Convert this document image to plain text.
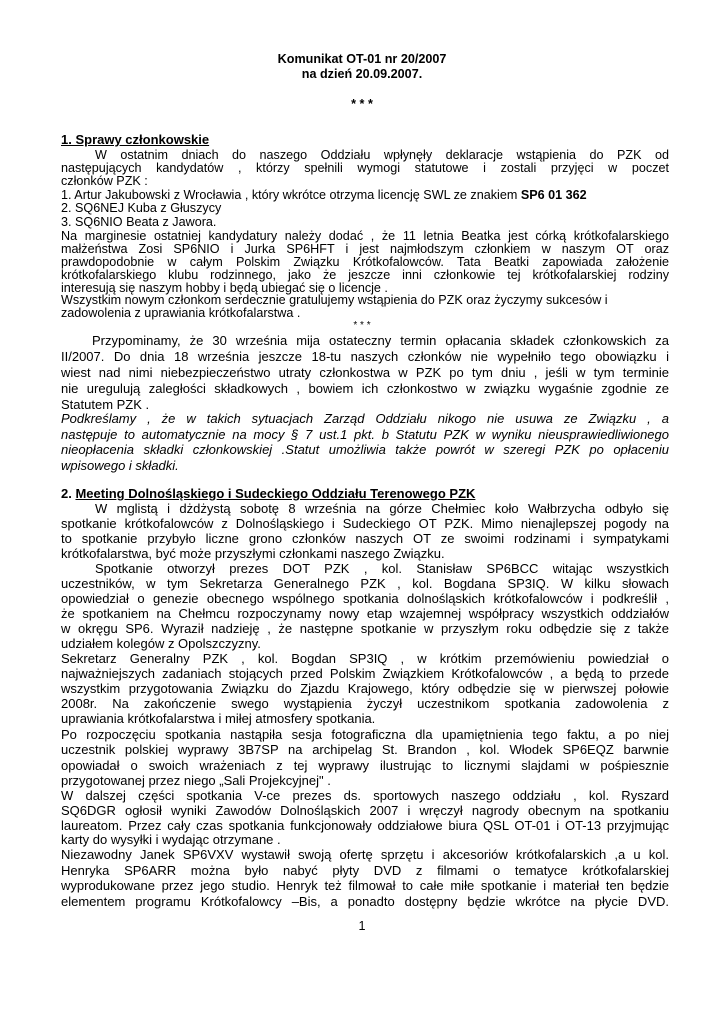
Komunikat OT-01 nr 20/2007

na dzień 20.09.2007.

* * *

1. Sprawy członkowskie

W ostatnim dniach do naszego Oddziału wpłynęły deklaracje wstąpienia do PZK od

następujących kandydatów , którzy spełnili wymogi statutowe i zostali przyjęci w poczet

członków PZK :

1. Artur Jakubowski z Wrocławia , który wkrótce otrzyma licencję SWL ze znakiem SP6 01 362

2. SQ6NEJ Kuba z Głuszycy

3. SQ6NIO Beata z Jawora.

Na marginesie ostatniej kandydatury należy dodać , że 11 letnia Beatka jest córką krótkofalarskiego

małżeństwa Zosi SP6NIO i Jurka SP6HFT i jest najmłodszym członkiem w naszym OT oraz

prawdopodobnie w całym Polskim Związku Krótkofalowców. Tata Beatki zapowiada założenie

krótkofalarskiego klubu rodzinnego, jako że jeszcze inni członkowie tej krótkofalarskiej rodziny

interesują się naszym hobby i będą ubiegać się o licencje .

Wszystkim nowym członkom serdecznie gratulujemy wstąpienia do PZK oraz życzymy sukcesów i

zadowolenia z uprawiania krótkofalarstwa .

* * *

Przypominamy, że 30 września mija ostateczny termin opłacania składek członkowskich za

II/2007. Do dnia 18 września jeszcze 18-tu naszych członków nie wypełniło tego obowiązku i

wiest nad nimi niebezpieczeństwo utraty członkostwa w PZK po tym dniu , jeśli w tym terminie

nie uregulują zaległości składkowych , bowiem ich członkostwo w związku wygaśnie zgodnie ze

Statutem PZK .

Podkreślamy , że w takich sytuacjach Zarząd Oddziału nikogo nie usuwa ze Związku , a

następuje to automatycznie na mocy § 7 ust.1 pkt. b Statutu PZK w wyniku nieusprawiedliwionego

nieopłacenia składki członkowskiej .Statut umożliwia także powrót w szeregi PZK po opłaceniu

wpisowego i składki.

2. Meeting Dolnośląskiego i Sudeckiego Oddziału Terenowego PZK

W mglistą i dżdżystą sobotę 8 września na górze Chełmiec koło Wałbrzycha odbyło się

spotkanie krótkofalowców z Dolnośląskiego i Sudeckiego OT PZK. Mimo nienajlepszej pogody na

to spotkanie przybyło liczne grono członków naszych OT ze swoimi rodzinami i sympatykami

krótkofalarstwa, być może przyszłymi członkami naszego Związku.

Spotkanie otworzył prezes DOT PZK , kol. Stanisław SP6BCC witając wszystkich

uczestników, w tym Sekretarza Generalnego PZK , kol. Bogdana SP3IQ. W kilku słowach

opowiedział o genezie obecnego wspólnego spotkania dolnośląskich krótkofalowców i podkreślił ,

że spotkaniem na Chełmcu rozpoczynamy nowy etap wzajemnej współpracy wszystkich oddziałów

w okręgu SP6. Wyraził nadzieję , że następne spotkanie w przyszłym roku odbędzie się z także

udziałem kolegów z Opolszczyzny.

Sekretarz Generalny PZK , kol. Bogdan SP3IQ , w krótkim przemówieniu powiedział o

najważniejszych zadaniach stojących przed Polskim Związkiem Krótkofalowców , a będą to przede

wszystkim przygotowania Związku do Zjazdu Krajowego, który odbędzie się w pierwszej połowie

2008r. Na zakończenie swego wystąpienia życzył uczestnikom spotkania zadowolenia z

uprawiania krótkofalarstwa i miłej atmosfery spotkania.

Po rozpoczęciu spotkania nastąpiła sesja fotograficzna dla upamiętnienia tego faktu, a po niej

uczestnik polskiej wyprawy 3B7SP na archipelag St. Brandon , kol. Włodek SP6EQZ barwnie

opowiadał o swoich wrażeniach z tej wyprawy ilustrując to licznymi slajdami w pośpiesznie

przygotowanej przez niego „Sali Projekcyjnej" .

W dalszej części spotkania V-ce prezes ds. sportowych naszego oddziału , kol. Ryszard

SQ6DGR ogłosił wyniki Zawodów Dolnośląskich 2007 i wręczył nagrody obecnym na spotkaniu

laureatom. Przez cały czas spotkania funkcjonowały oddziałowe biura QSL OT-01 i OT-13 przyjmując

karty do wysyłki i wydając otrzymane .

Niezawodny Janek SP6VXV wystawił swoją ofertę sprzętu i akcesoriów krótkofalarskich ,a u kol.

Henryka SP6ARR można było nabyć płyty DVD z filmami o tematyce krótkofalarskiej

wyprodukowane przez jego studio. Henryk też filmował to całe miłe spotkanie i materiał ten będzie

elementem programu Krótkofalowcy –Bis, a ponadto dostępny będzie wkrótce na płycie DVD.

1
